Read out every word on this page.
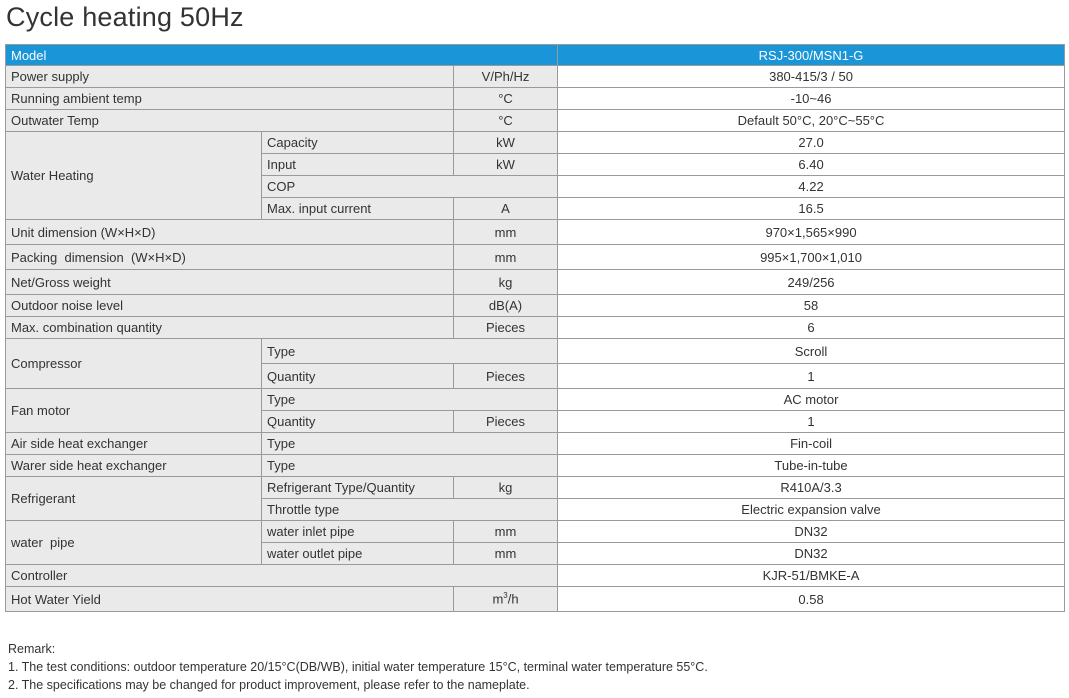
Cycle heating 50Hz
Model			RSJ-300/MSN1-G
Power supply		V/Ph/Hz	380-415/3 / 50
Running ambient temp		°C	-10~46
Outwater Temp		°C	Default 50°C, 20°C~55°C
Water Heating	Capacity	kW	27.0
	Input	kW	6.40
	COP		4.22
	Max. input current	A	16.5
Unit dimension (W×H×D)		mm	970×1,565×990
Packing  dimension  (W×H×D)		mm	995×1,700×1,010
Net/Gross weight		kg	249/256
Outdoor noise level		dB(A)	58
Max. combination quantity		Pieces	6
Compressor	Type		Scroll
	Quantity	Pieces	1
Fan motor	Type		AC motor
	Quantity	Pieces	1
Air side heat exchanger	Type		Fin-coil
Warer side heat exchanger	Type		Tube-in-tube
Refrigerant	Refrigerant Type/Quantity	kg	R410A/3.3
	Throttle type		Electric expansion valve
water  pipe	water inlet pipe	mm	DN32
	water outlet pipe	mm	DN32
Controller			KJR-51/BMKE-A
Hot Water Yield		$m^3/h$	0.58
Remark:
1. The test conditions: outdoor temperature 20/15°C(DB/WB), initial water temperature 15°C, terminal water temperature 55°C.
2. The specifications may be changed for product improvement, please refer to the nameplate.
